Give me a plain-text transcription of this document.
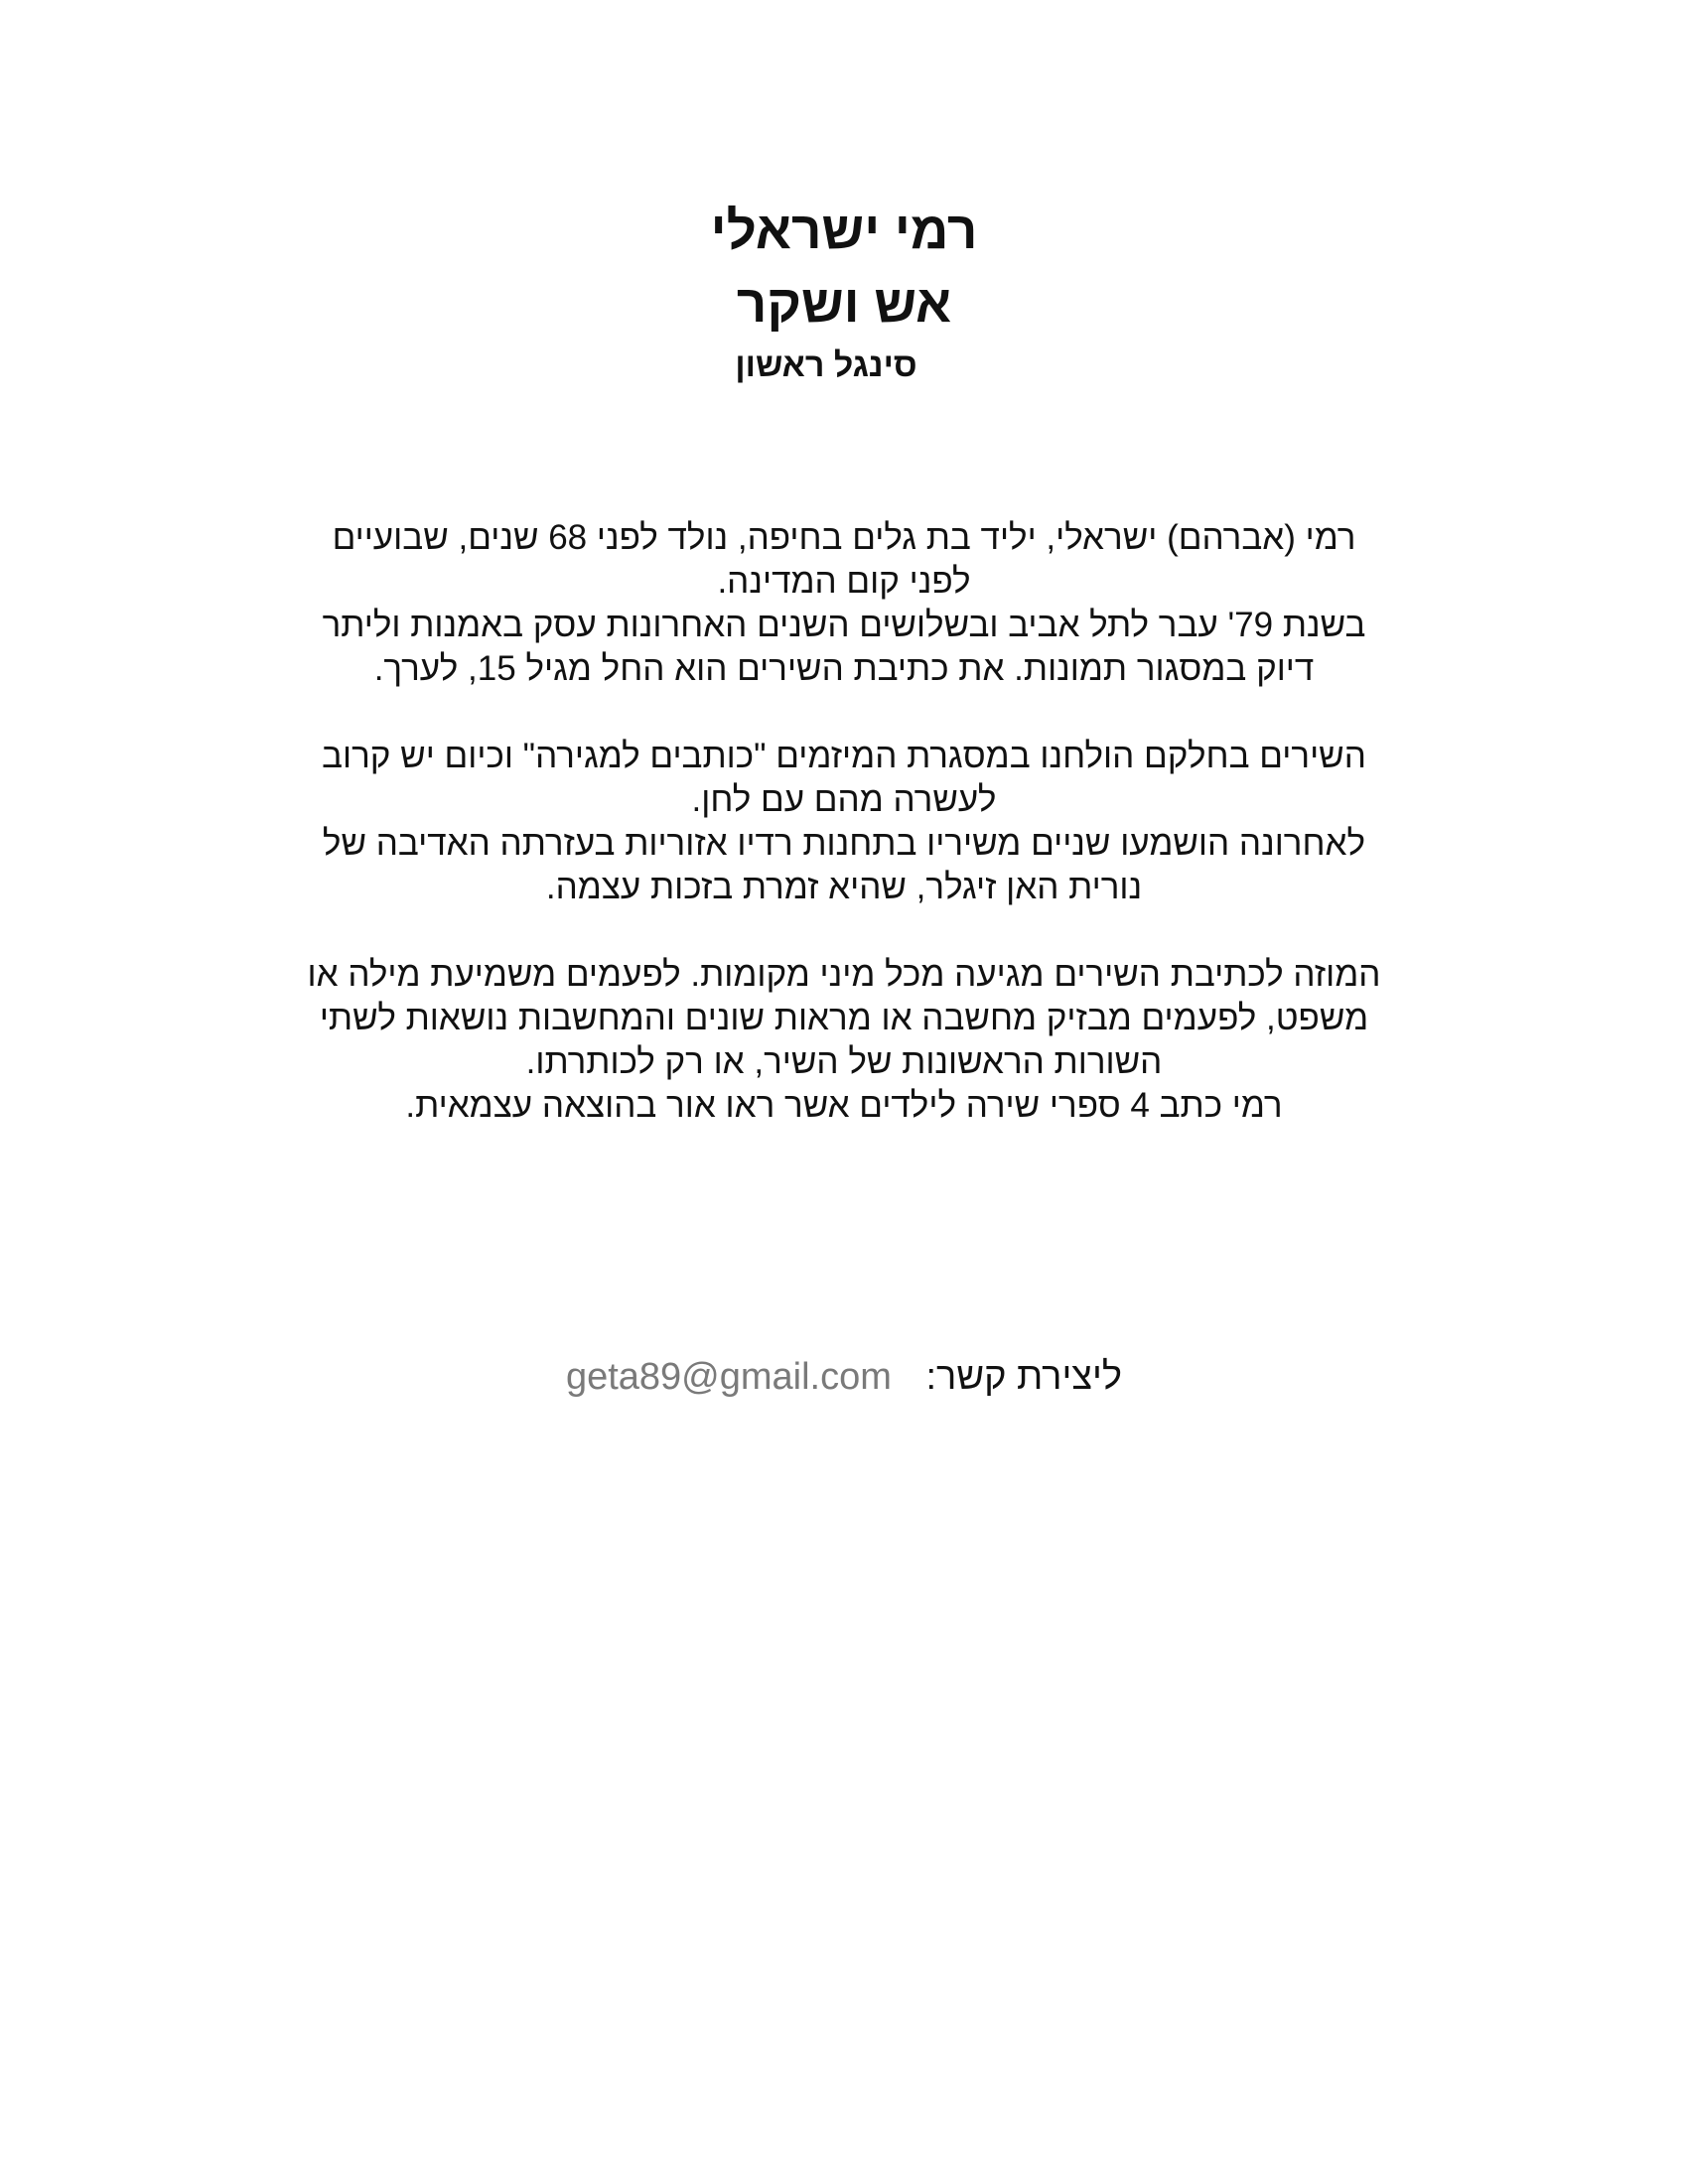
רמי ישראלי
אש ושקר
סינגל ראשון
רמי (אברהם) ישראלי, יליד בת גלים בחיפה, נולד לפני 68 שנים, שבועיים
לפני קום המדינה.
בשנת 79' עבר לתל אביב ובשלושים השנים האחרונות עסק באמנות וליתר
דיוק במסגור תמונות. את כתיבת השירים הוא החל מגיל 15, לערך.
השירים בחלקם הולחנו במסגרת המיזמים "כותבים למגירה" וכיום יש קרוב
לעשרה מהם עם לחן.
לאחרונה הושמעו שניים משיריו בתחנות רדיו אזוריות בעזרתה האדיבה של
נורית האן זיגלר, שהיא זמרת בזכות עצמה.
המוזה לכתיבת השירים מגיעה מכל מיני מקומות. לפעמים משמיעת מילה או
משפט, לפעמים מבזיק מחשבה או מראות שונים והמחשבות נושאות לשתי
השורות הראשונות של השיר, או רק לכותרתו.
רמי כתב 4 ספרי שירה לילדים אשר ראו אור בהוצאה עצמאית.
ליצירת קשר: geta89@gmail.com
